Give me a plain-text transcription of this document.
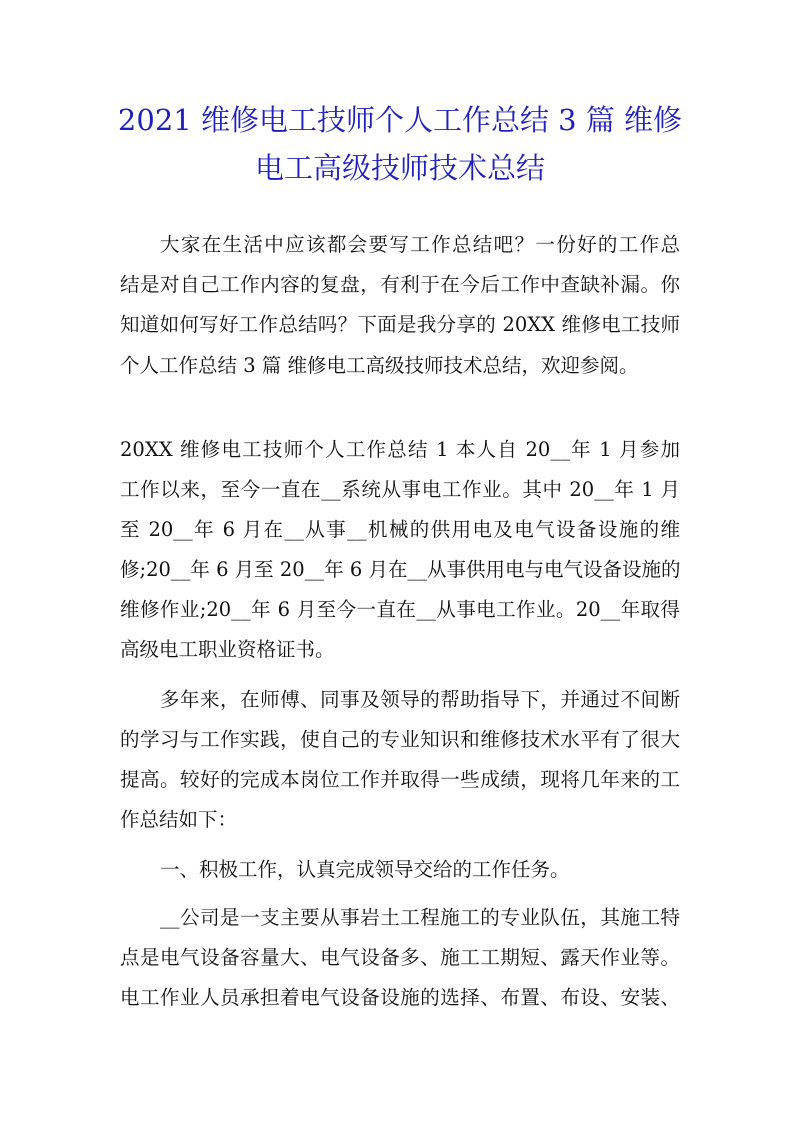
2021 维修电工技师个人工作总结 3 篇 维修
电工高级技师技术总结
大家在生活中应该都会要写工作总结吧？一份好的工作总
结是对自己工作内容的复盘，有利于在今后工作中查缺补漏。你
知道如何写好工作总结吗？下面是我分享的 20XX 维修电工技师
个人工作总结 3 篇 维修电工高级技师技术总结，欢迎参阅。
20XX 维修电工技师个人工作总结 1 本人自 20__年 1 月参加
工作以来，至今一直在__系统从事电工作业。其中 20__年 1 月
至 20__年 6 月在__从事__机械的供用电及电气设备设施的维
修;20__年 6 月至 20__年 6 月在__从事供用电与电气设备设施的
维修作业;20__年 6 月至今一直在__从事电工作业。20__年取得
高级电工职业资格证书。
多年来，在师傅、同事及领导的帮助指导下，并通过不间断
的学习与工作实践，使自己的专业知识和维修技术水平有了很大
提高。较好的完成本岗位工作并取得一些成绩，现将几年来的工
作总结如下：
一、积极工作，认真完成领导交给的工作任务。
__公司是一支主要从事岩土工程施工的专业队伍，其施工特
点是电气设备容量大、电气设备多、施工工期短、露天作业等。
电工作业人员承担着电气设备设施的选择、布置、布设、安装、
